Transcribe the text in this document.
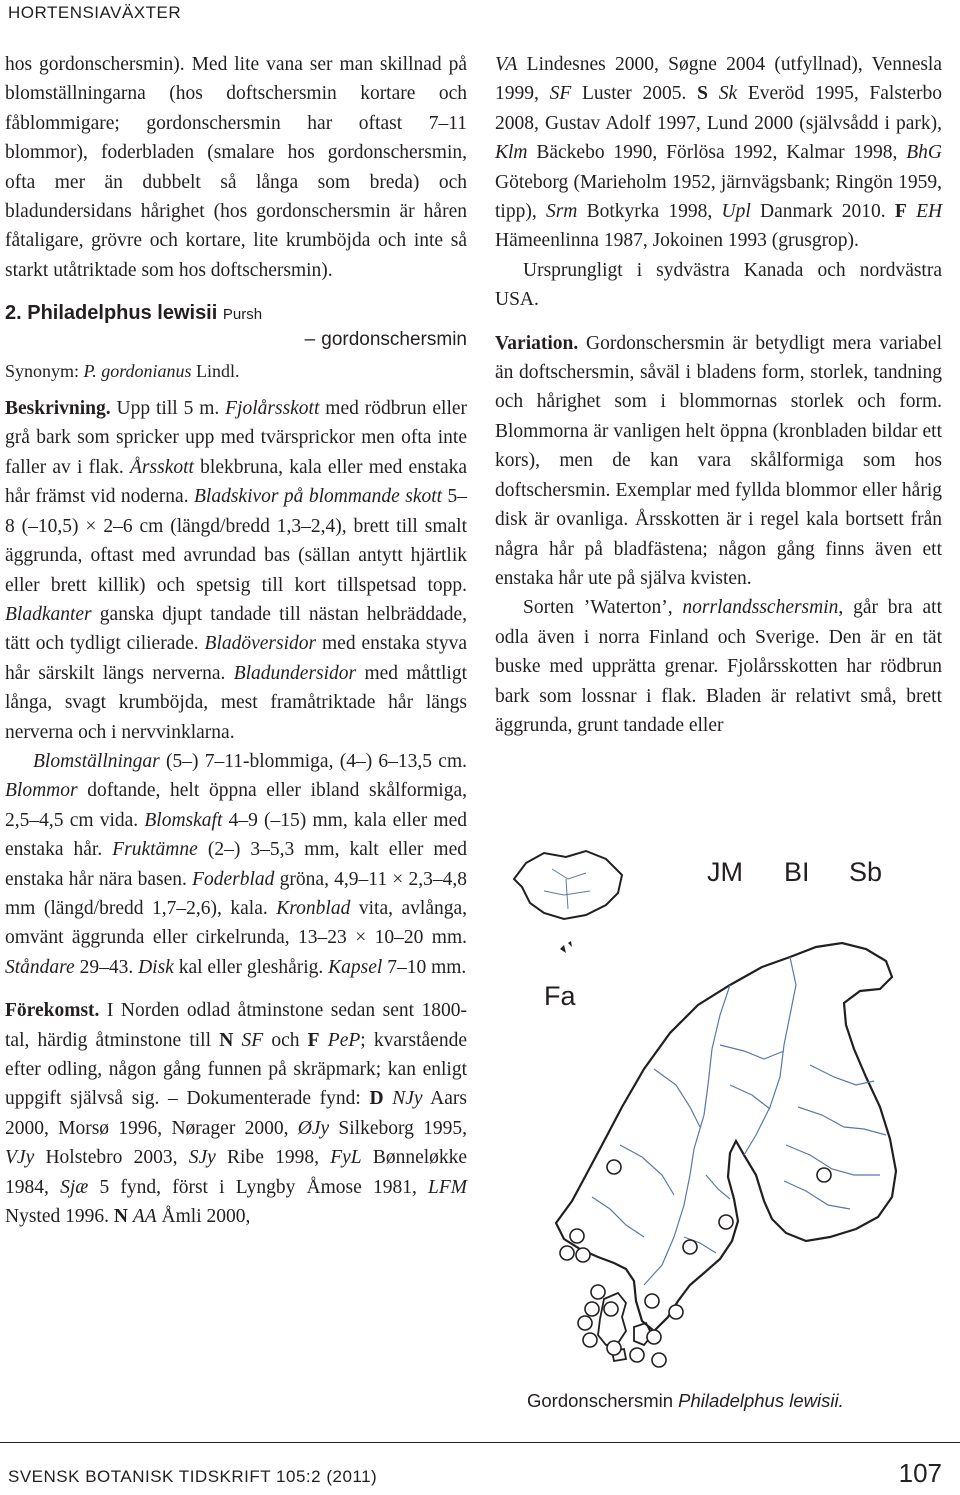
HORTENSIAVÄXTER

hos gordonschersmin). Med lite vana ser man skillnad på blomställningarna (hos doftschersmin kortare och fåblommigare; gordonschersmin har oftast 7–11 blommor), foderbladen (smalare hos gordonschersmin, ofta mer än dubbelt så långa som breda) och bladundersidans hårighet (hos gordonschersmin är håren fåtaligare, grövre och kortare, lite krumböjda och inte så starkt utåtriktade som hos doftschersmin).

2. Philadelphus lewisii Pursh
– gordonschersmin

Synonym: P. gordonianus Lindl.

Beskrivning. Upp till 5 m. Fjolårsskott med rödbrun eller grå bark som spricker upp med tvärsprickor men ofta inte faller av i flak. Årsskott blekbruna, kala eller med enstaka hår främst vid noderna. Bladskivor på blommande skott 5–8 (–10,5) × 2–6 cm (längd/bredd 1,3–2,4), brett till smalt äggrunda, oftast med avrundad bas (sällan antytt hjärtlik eller brett killik) och spetsig till kort tillspetsad topp. Bladkanter ganska djupt tandade till nästan helbräddade, tätt och tydligt cilierade. Bladöversidor med enstaka styva hår särskilt längs nerverna. Bladundersidor med måttligt långa, svagt krumböjda, mest framåtriktade hår längs nerverna och i nervvinklarna.

Blomställningar (5–) 7–11-blommiga, (4–) 6–13,5 cm. Blommor doftande, helt öppna eller ibland skålformiga, 2,5–4,5 cm vida. Blomskaft 4–9 (–15) mm, kala eller med enstaka hår. Fruktämne (2–) 3–5,3 mm, kalt eller med enstaka hår nära basen. Foderblad gröna, 4,9–11 × 2,3–4,8 mm (längd/bredd 1,7–2,6), kala. Kronblad vita, avlånga, omvänt äggrunda eller cirkelrunda, 13–23 × 10–20 mm. Ståndare 29–43. Disk kal eller gleshårig. Kapsel 7–10 mm.

Förekomst. I Norden odlad åtminstone sedan sent 1800-tal, härdig åtminstone till N SF och F PeP; kvarstående efter odling, någon gång funnen på skräpmark; kan enligt uppgift självså sig. – Dokumenterade fynd: D NJy Aars 2000, Morsø 1996, Nørager 2000, ØJy Silkeborg 1995, VJy Holstebro 2003, SJy Ribe 1998, FyL Bønneløkke 1984, Sjæ 5 fynd, först i Lyngby Åmose 1981, LFM Nysted 1996. N AA Åmli 2000,

VA Lindesnes 2000, Søgne 2004 (utfyllnad), Vennesla 1999, SF Luster 2005. S Sk Everöd 1995, Falsterbo 2008, Gustav Adolf 1997, Lund 2000 (självsådd i park), Klm Bäckebo 1990, Förlösa 1992, Kalmar 1998, BhG Göteborg (Marieholm 1952, järnvägsbank; Ringön 1959, tipp), Srm Botkyrka 1998, Upl Danmark 2010. F EH Hämeenlinna 1987, Jokoinen 1993 (grusgrop).

Ursprungligt i sydvästra Kanada och nordvästra USA.

Variation. Gordonschersmin är betydligt mera variabel än doftschersmin, såväl i bladens form, storlek, tandning och hårighet som i blommornas storlek och form. Blommorna är vanligen helt öppna (kronbladen bildar ett kors), men de kan vara skålformiga som hos doftschersmin. Exemplar med fyllda blommor eller hårig disk är ovanliga. Årsskotten är i regel kala bortsett från några hår på bladfästena; någon gång finns även ett enstaka hår ute på själva kvisten.

Sorten ’Waterton’, norrlandsschersmin, går bra att odla även i norra Finland och Sverige. Den är en tät buske med upprätta grenar. Fjolårsskotten har rödbrun bark som lossnar i flak. Bladen är relativt små, brett äggrunda, grunt tandade eller

JM BI Sb
Fa
Gordonschersmin Philadelphus lewisii.
SVENSK BOTANISK TIDSKRIFT 105:2 (2011)	107
